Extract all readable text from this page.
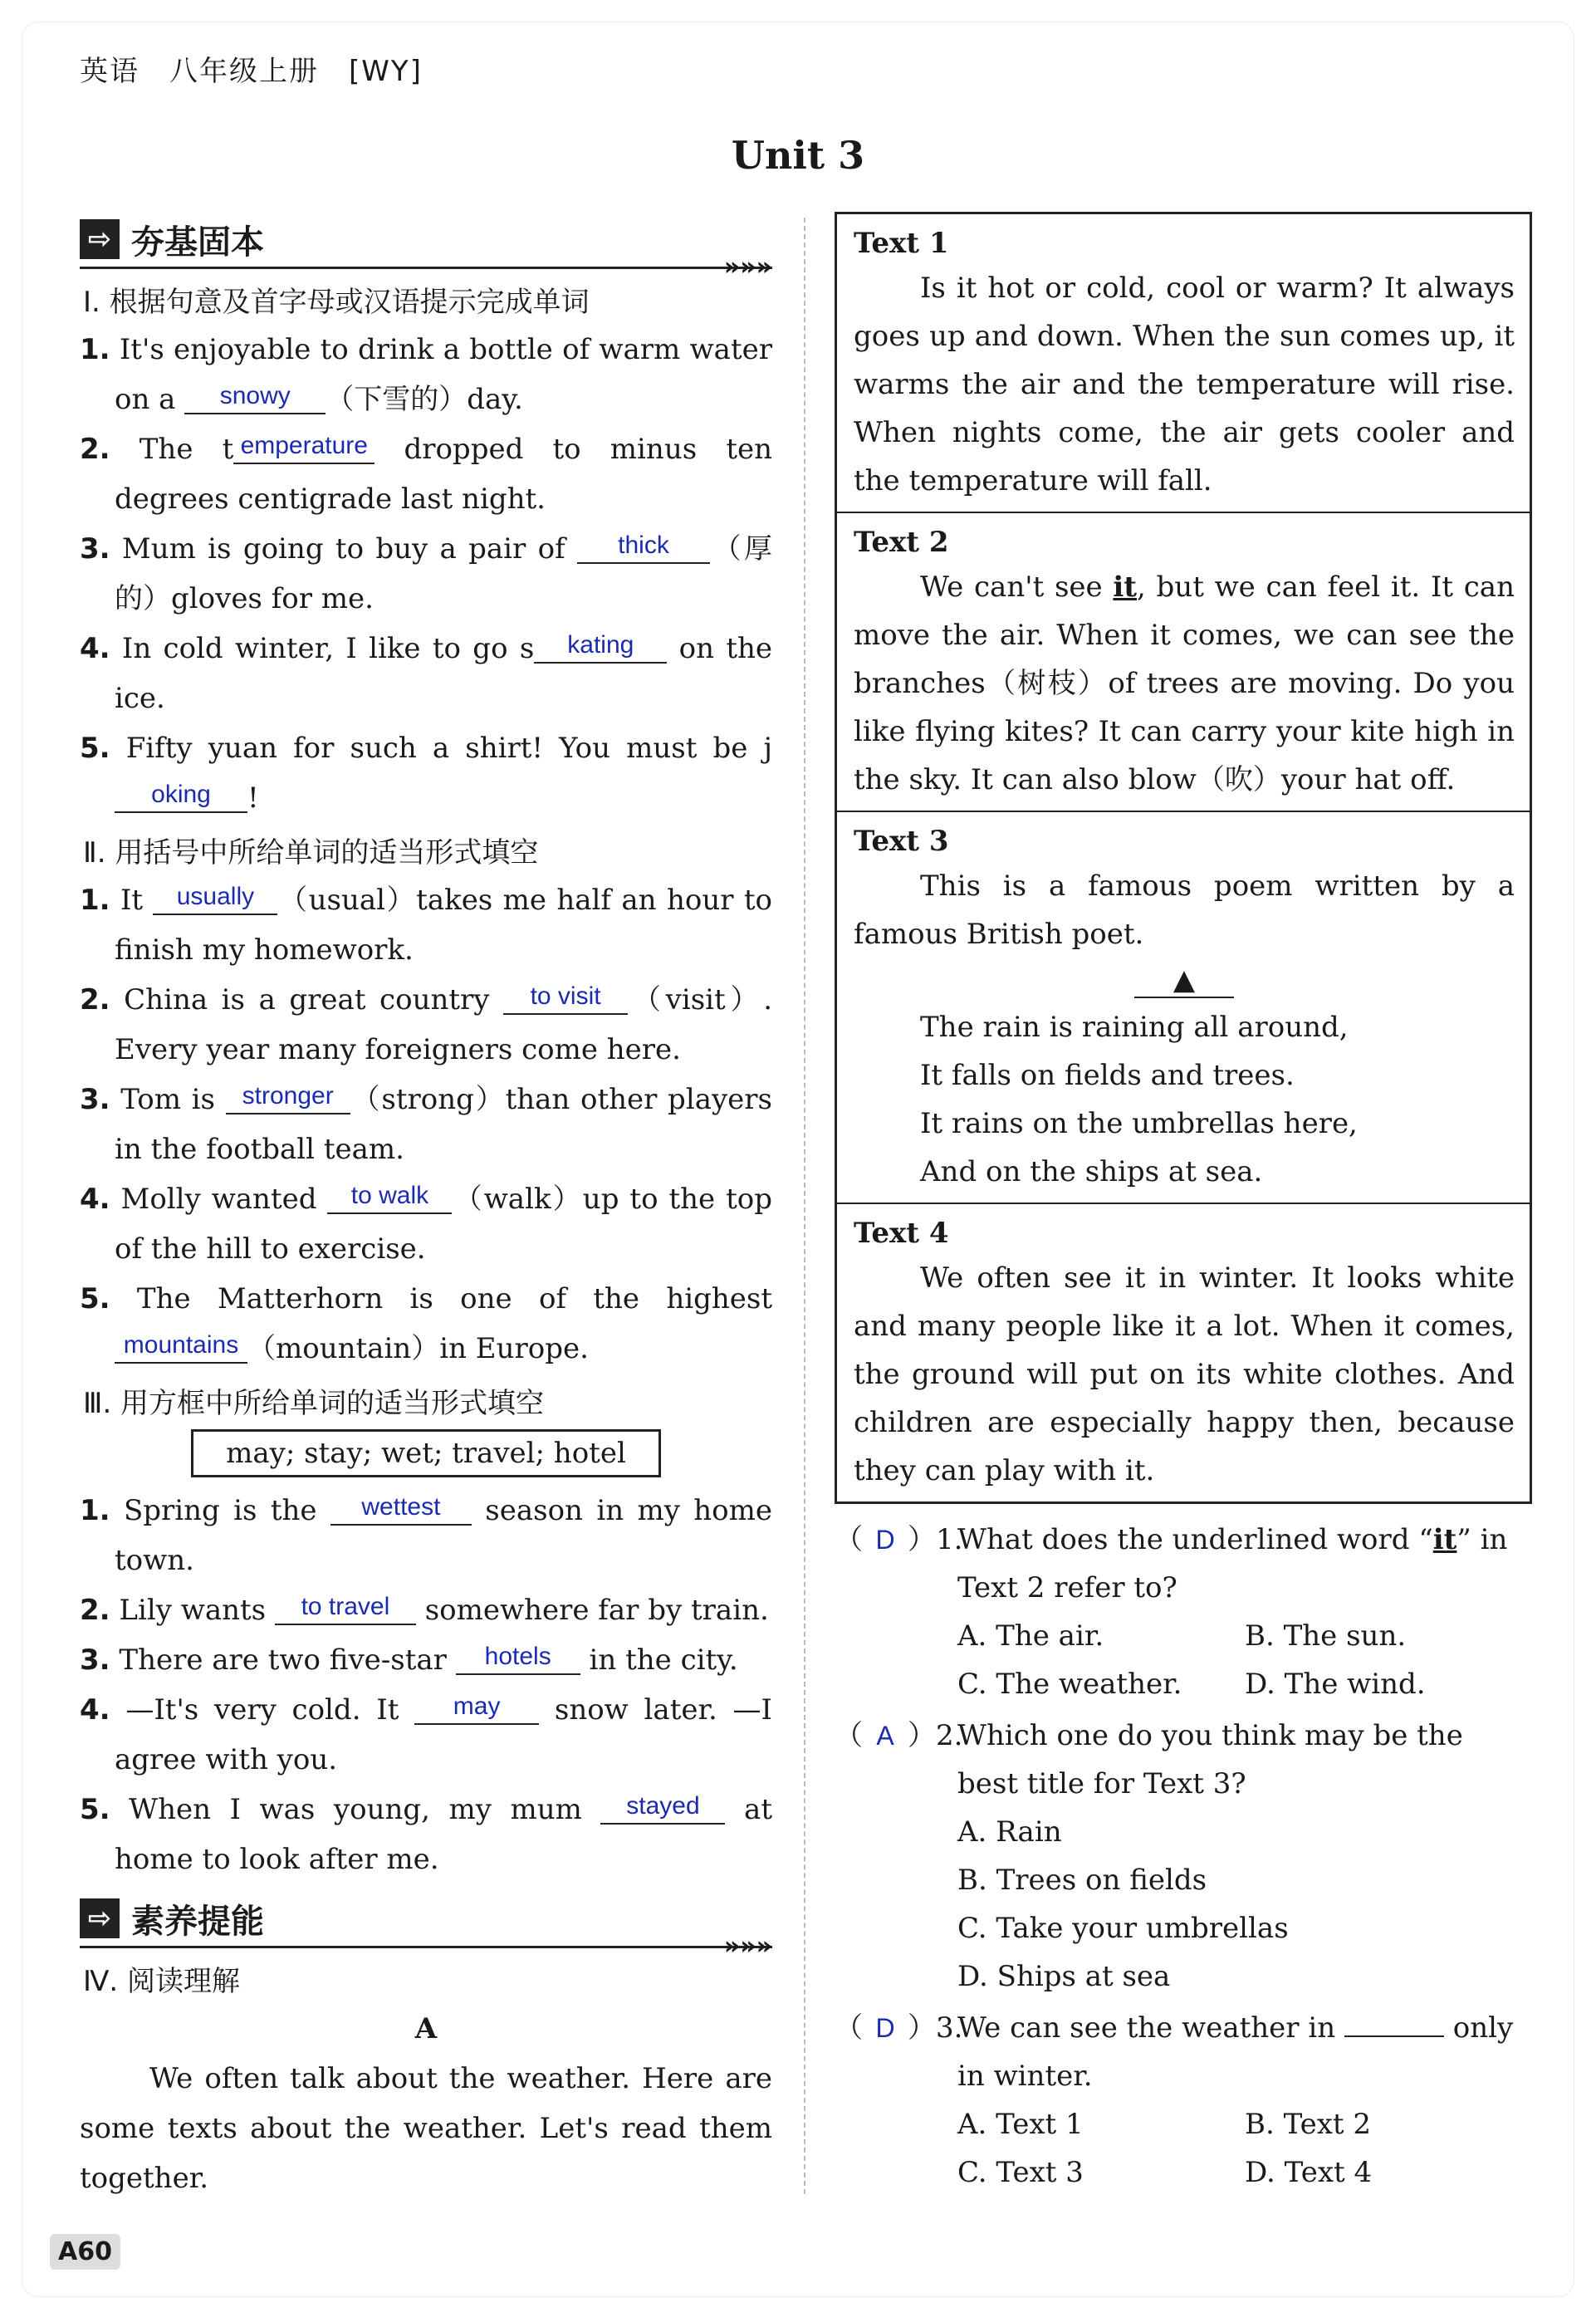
英语　八年级上册　[WY]
Unit 3
⇨ 夯基固本
»»»
Ⅰ. 根据句意及首字母或汉语提示完成单词
1. It's enjoyable to drink a bottle of warm water on a snowy （下雪的）day.
2. The t emperature dropped to minus ten degrees centigrade last night.
3. Mum is going to buy a pair of thick （厚的）gloves for me.
4. In cold winter, I like to go s kating on the ice.
5. Fifty yuan for such a shirt! You must be joking !
Ⅱ. 用括号中所给单词的适当形式填空
1. It usually （usual）takes me half an hour to finish my homework.
2. China is a great country to visit （visit）. Every year many foreigners come here.
3. Tom is stronger （strong）than other players in the football team.
4. Molly wanted to walk （walk）up to the top of the hill to exercise.
5. The Matterhorn is one of the highest mountains （mountain）in Europe.
Ⅲ. 用方框中所给单词的适当形式填空
may; stay; wet; travel; hotel
1. Spring is the wettest season in my home town.
2. Lily wants to travel somewhere far by train.
3. There are two five-star hotels in the city.
4. —It's very cold. It may snow later. —I agree with you.
5. When I was young, my mum stayed at home to look after me.
⇨ 素养提能
»»»
Ⅳ. 阅读理解
A
We often talk about the weather. Here are some texts about the weather. Let's read them together.
Text 1
Is it hot or cold, cool or warm? It always goes up and down. When the sun comes up, it warms the air and the temperature will rise. When nights come, the air gets cooler and the temperature will fall.
Text 2
We can't see it, but we can feel it. It can move the air. When it comes, we can see the branches（树枝）of trees are moving. Do you like flying kites? It can carry your kite high in the sky. It can also blow（吹）your hat off.
Text 3
This is a famous poem written by a famous British poet.
▲
The rain is raining all around,
It falls on fields and trees.
It rains on the umbrellas here,
And on the ships at sea.
Text 4
We often see it in winter. It looks white and many people like it a lot. When it comes, the ground will put on its white clothes. And children are especially happy then, because they can play with it.
（ D ）1.
What does the underlined word “it” in Text 2 refer to?
A. The air.	B. The sun.
C. The weather.	D. The wind.
（ A ）2.
Which one do you think may be the best title for Text 3?
A. Rain
B. Trees on fields
C. Take your umbrellas
D. Ships at sea
（ D ）3.
We can see the weather in	only in winter.
A. Text 1	B. Text 2
C. Text 3	D. Text 4
A60
